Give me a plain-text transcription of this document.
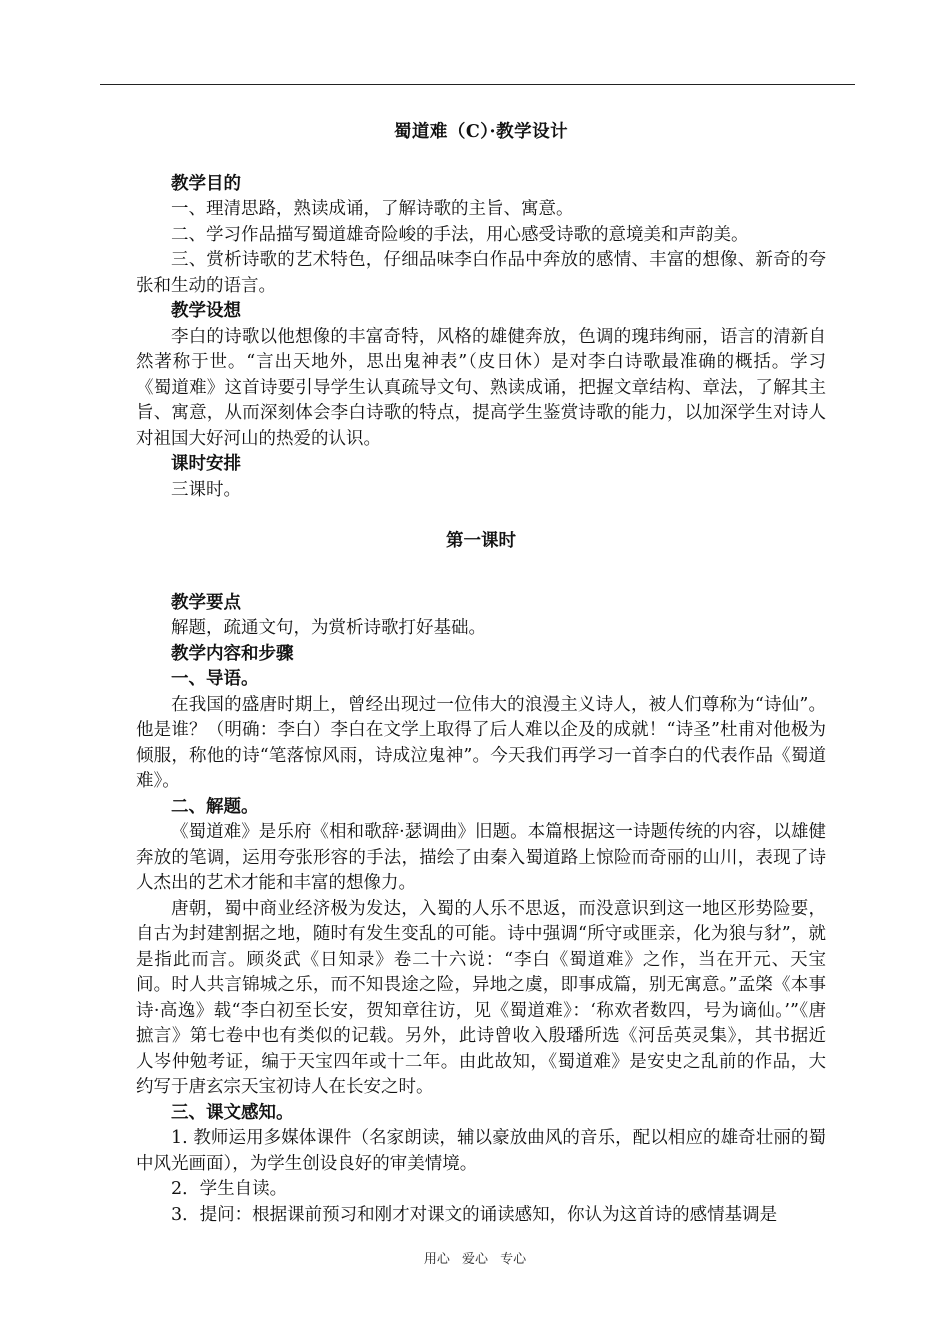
蜀道难（C）·教学设计
教学目的
一、理清思路，熟读成诵，了解诗歌的主旨、寓意。
二、学习作品描写蜀道雄奇险峻的手法，用心感受诗歌的意境美和声韵美。
三、赏析诗歌的艺术特色，仔细品味李白作品中奔放的感情、丰富的想像、新奇的夸张和生动的语言。
教学设想
李白的诗歌以他想像的丰富奇特，风格的雄健奔放，色调的瑰玮绚丽，语言的清新自然著称于世。“言出天地外，思出鬼神表”（皮日休）是对李白诗歌最准确的概括。学习《蜀道难》这首诗要引导学生认真疏导文句、熟读成诵，把握文章结构、章法，了解其主旨、寓意，从而深刻体会李白诗歌的特点，提高学生鉴赏诗歌的能力，以加深学生对诗人对祖国大好河山的热爱的认识。
课时安排
三课时。
第一课时
教学要点
解题，疏通文句，为赏析诗歌打好基础。
教学内容和步骤
一、导语。
在我国的盛唐时期上，曾经出现过一位伟大的浪漫主义诗人，被人们尊称为“诗仙”。他是谁？（明确：李白）李白在文学上取得了后人难以企及的成就！“诗圣”杜甫对他极为倾服，称他的诗“笔落惊风雨，诗成泣鬼神”。今天我们再学习一首李白的代表作品《蜀道难》。
二、解题。
《蜀道难》是乐府《相和歌辞·瑟调曲》旧题。本篇根据这一诗题传统的内容，以雄健奔放的笔调，运用夸张形容的手法，描绘了由秦入蜀道路上惊险而奇丽的山川，表现了诗人杰出的艺术才能和丰富的想像力。
唐朝，蜀中商业经济极为发达，入蜀的人乐不思返，而没意识到这一地区形势险要，自古为封建割据之地，随时有发生变乱的可能。诗中强调“所守或匪亲，化为狼与豺”，就是指此而言。顾炎武《日知录》卷二十六说：“李白《蜀道难》之作，当在开元、天宝间。时人共言锦城之乐，而不知畏途之险，异地之虞，即事成篇，别无寓意。”孟棨《本事诗·高逸》载“李白初至长安，贺知章往访，见《蜀道难》：‘称欢者数四，号为谪仙。’”《唐摭言》第七卷中也有类似的记载。另外，此诗曾收入殷璠所选《河岳英灵集》，其书据近人岑仲勉考证，编于天宝四年或十二年。由此故知，《蜀道难》是安史之乱前的作品，大约写于唐玄宗天宝初诗人在长安之时。
三、课文感知。
1. 教师运用多媒体课件（名家朗读，辅以豪放曲风的音乐，配以相应的雄奇壮丽的蜀中风光画面），为学生创设良好的审美情境。
2．学生自读。
3．提问：根据课前预习和刚才对课文的诵读感知，你认为这首诗的感情基调是
用心 爱心 专心
